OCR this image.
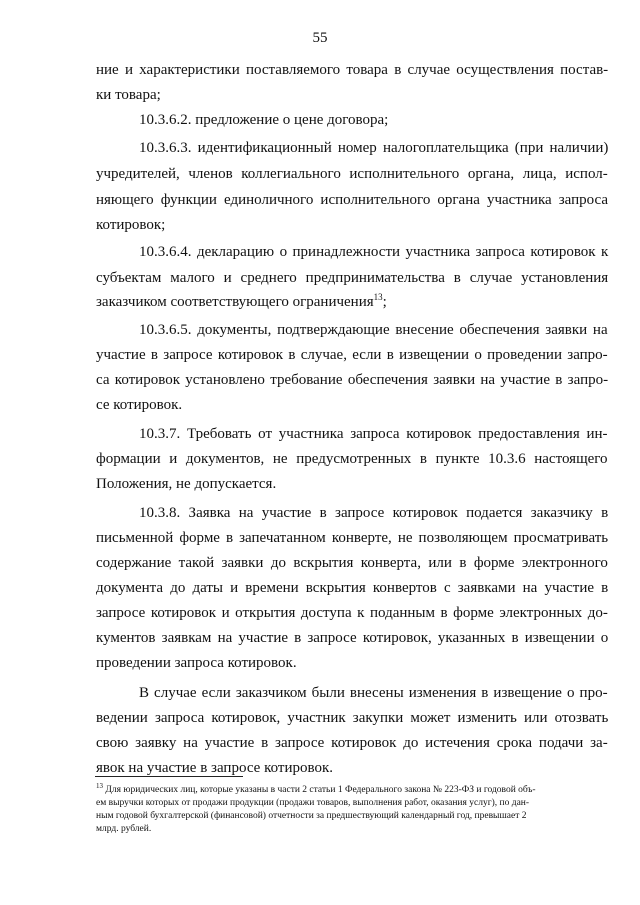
55
ние и характеристики поставляемого товара в случае осуществления постав-
ки товара;
10.3.6.2. предложение о цене договора;
10.3.6.3. идентификационный номер налогоплательщика (при наличии)
учредителей, членов коллегиального исполнительного органа, лица, испол-
няющего функции единоличного исполнительного органа участника запроса
котировок;
10.3.6.4. декларацию о принадлежности участника запроса котировок к
субъектам малого и среднего предпринимательства в случае установления
заказчиком соответствующего ограничения$^{13}$;
10.3.6.5. документы, подтверждающие внесение обеспечения заявки на
участие в запросе котировок в случае, если в извещении о проведении запро-
са котировок установлено требование обеспечения заявки на участие в запро-
се котировок.
10.3.7. Требовать от участника запроса котировок предоставления ин-
формации и документов, не предусмотренных в пункте 10.3.6 настоящего
Положения, не допускается.
10.3.8. Заявка на участие в запросе котировок подается заказчику в
письменной форме в запечатанном конверте, не позволяющем просматривать
содержание такой заявки до вскрытия конверта, или в форме электронного
документа до даты и времени вскрытия конвертов с заявками на участие в
запросе котировок и открытия доступа к поданным в форме электронных до-
кументов заявкам на участие в запросе котировок, указанных в извещении о
проведении запроса котировок.
В случае если заказчиком были внесены изменения в извещение о про-
ведении запроса котировок, участник закупки может изменить или отозвать
свою заявку на участие в запросе котировок до истечения срока подачи за-
явок на участие в запросе котировок.
$^{13}$ Для юридических лиц, которые указаны в части 2 статьи 1 Федерального закона № 223-ФЗ и годовой объ-
ем выручки которых от продажи продукции (продажи товаров, выполнения работ, оказания услуг), по дан-
ным годовой бухгалтерской (финансовой) отчетности за предшествующий календарный год, превышает 2
млрд. рублей.
